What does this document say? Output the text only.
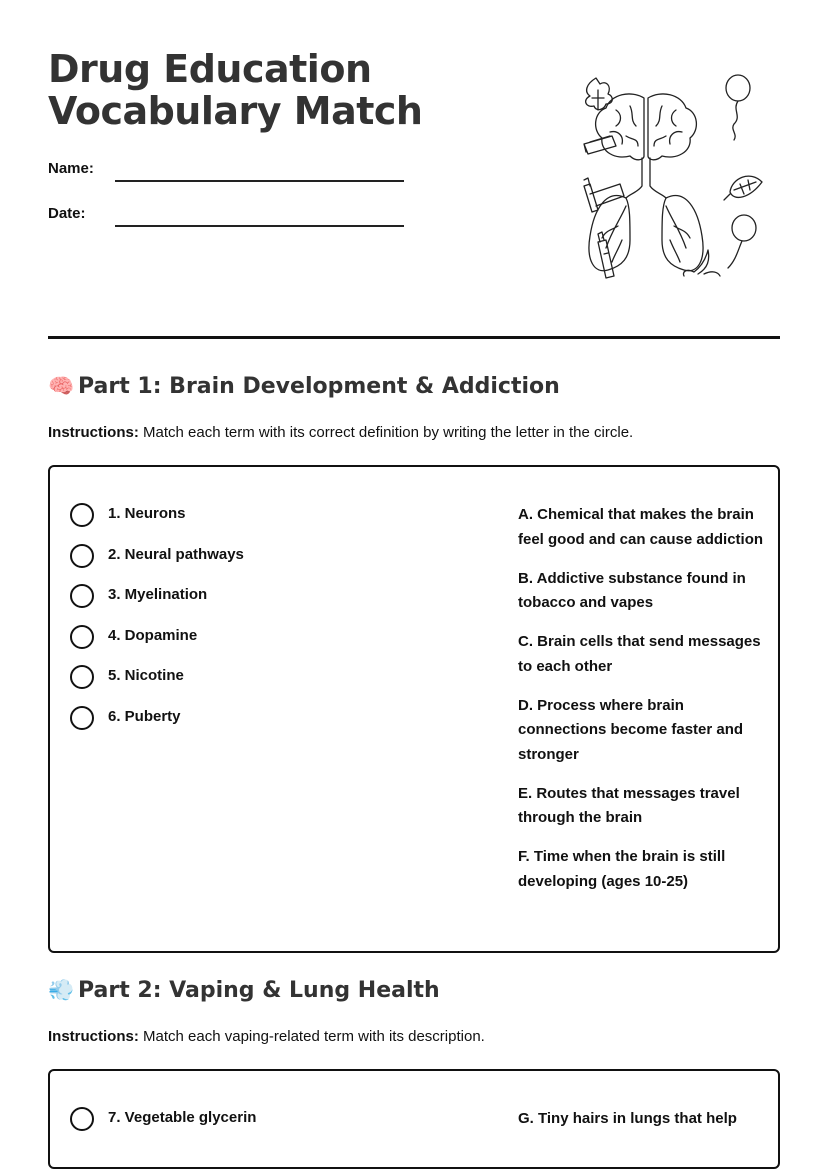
Drug Education
Vocabulary Match
Name:
Date:
🧠 Part 1: Brain Development & Addiction
Instructions: Match each term with its correct definition by writing the letter in the circle.
1. Neurons
2. Neural pathways
3. Myelination
4. Dopamine
5. Nicotine
6. Puberty

A. Chemical that makes the brain feel good and can cause addiction

B. Addictive substance found in tobacco and vapes

C. Brain cells that send messages to each other

D. Process where brain connections become faster and stronger

E. Routes that messages travel through the brain

F. Time when the brain is still developing (ages 10-25)

💨 Part 2: Vaping & Lung Health
Instructions: Match each vaping-related term with its description.
7. Vegetable glycerin	G. Tiny hairs in lungs that help
